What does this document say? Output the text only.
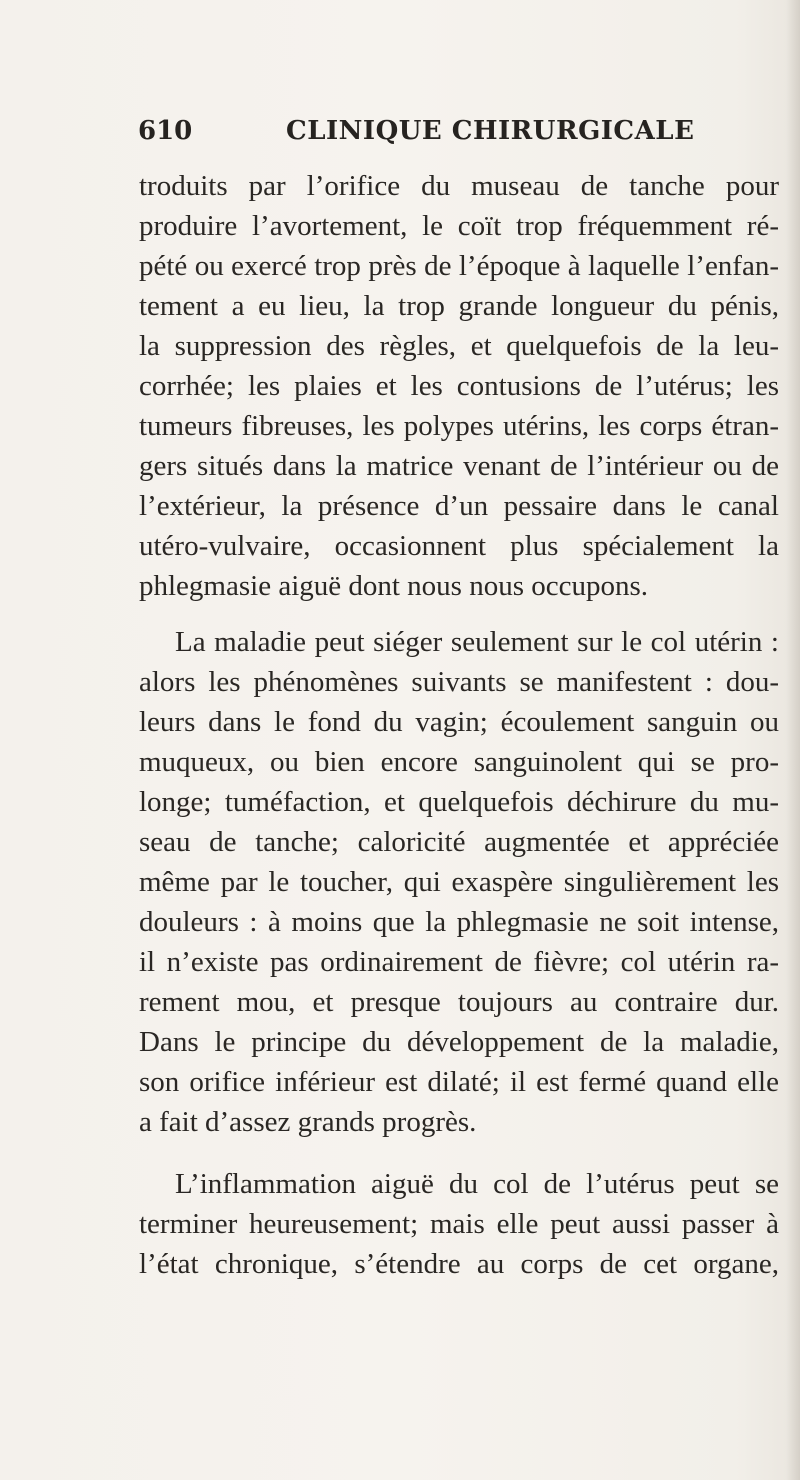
610	CLINIQUE CHIRURGICALE

troduits par l’orifice du museau de tanche pour
produire l’avortement, le coït trop fréquemment ré-
pété ou exercé trop près de l’époque à laquelle l’enfan-
tement a eu lieu, la trop grande longueur du pénis,
la suppression des règles, et quelquefois de la leu-
corrhée; les plaies et les contusions de l’utérus; les
tumeurs fibreuses, les polypes utérins, les corps étran-
gers situés dans la matrice venant de l’intérieur ou de
l’extérieur, la présence d’un pessaire dans le canal
utéro-vulvaire, occasionnent plus spécialement la
phlegmasie aiguë dont nous nous occupons.

La maladie peut siéger seulement sur le col utérin :
alors les phénomènes suivants se manifestent : dou-
leurs dans le fond du vagin; écoulement sanguin ou
muqueux, ou bien encore sanguinolent qui se pro-
longe; tuméfaction, et quelquefois déchirure du mu-
seau de tanche; caloricité augmentée et appréciée
même par le toucher, qui exaspère singulièrement les
douleurs : à moins que la phlegmasie ne soit intense,
il n’existe pas ordinairement de fièvre; col utérin ra-
rement mou, et presque toujours au contraire dur.
Dans le principe du développement de la maladie,
son orifice inférieur est dilaté; il est fermé quand elle
a fait d’assez grands progrès.

L’inflammation aiguë du col de l’utérus peut se
terminer heureusement; mais elle peut aussi passer à
l’état chronique, s’étendre au corps de cet organe,
